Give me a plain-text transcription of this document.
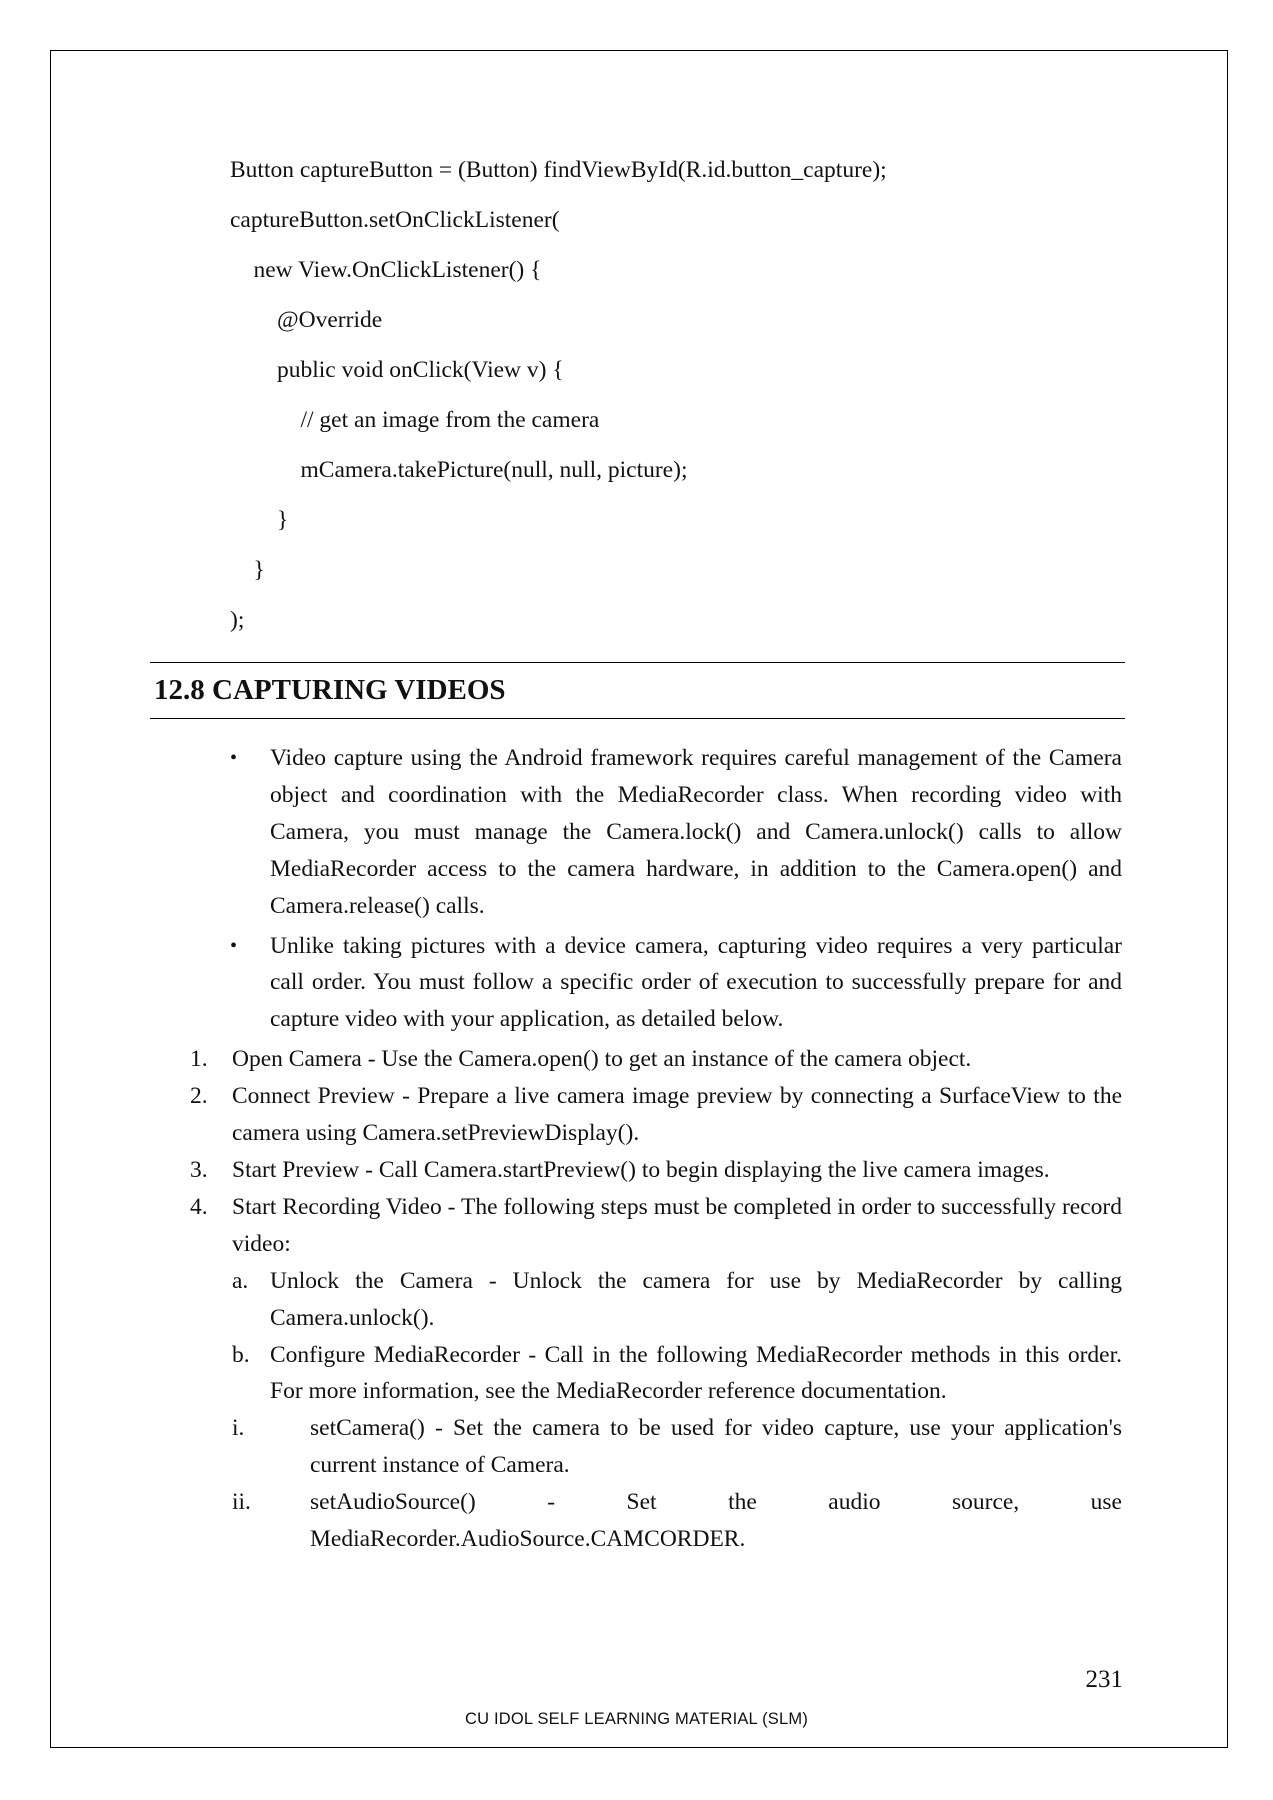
Button captureButton = (Button) findViewById(R.id.button_capture);
captureButton.setOnClickListener(
new View.OnClickListener() {
@Override
public void onClick(View v) {
// get an image from the camera
mCamera.takePicture(null, null, picture);
}
}
);
12.8 CAPTURING VIDEOS
• Video capture using the Android framework requires careful management of the Camera object and coordination with the MediaRecorder class. When recording video with Camera, you must manage the Camera.lock() and Camera.unlock() calls to allow MediaRecorder access to the camera hardware, in addition to the Camera.open() and Camera.release() calls.
• Unlike taking pictures with a device camera, capturing video requires a very particular call order. You must follow a specific order of execution to successfully prepare for and capture video with your application, as detailed below.
1. Open Camera - Use the Camera.open() to get an instance of the camera object.
2. Connect Preview - Prepare a live camera image preview by connecting a SurfaceView to the camera using Camera.setPreviewDisplay().
3. Start Preview - Call Camera.startPreview() to begin displaying the live camera images.
4. Start Recording Video - The following steps must be completed in order to successfully record video:
a. Unlock the Camera - Unlock the camera for use by MediaRecorder by calling Camera.unlock().
b. Configure MediaRecorder - Call in the following MediaRecorder methods in this order. For more information, see the MediaRecorder reference documentation.
i.	setCamera() - Set the camera to be used for video capture, use your application's current instance of Camera.
ii.	setAudioSource() - Set the audio source, use
MediaRecorder.AudioSource.CAMCORDER.
231
CU IDOL SELF LEARNING MATERIAL (SLM)
